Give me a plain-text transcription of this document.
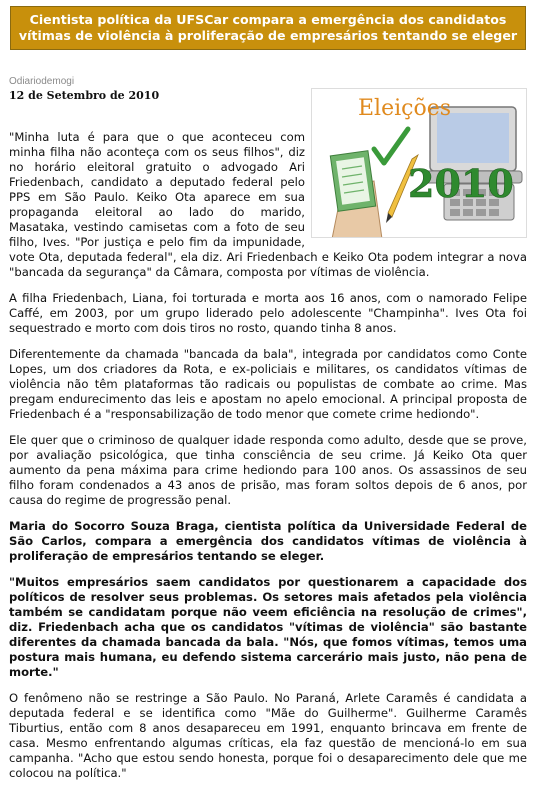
Cientista política da UFSCar compara a emergência dos candidatos vítimas de violência à proliferação de empresários tentando se eleger
Odiariodemogi
12 de Setembro de 2010
Eleições
2010

"Minha luta é para que o que aconteceu com minha filha não aconteça com os seus filhos", diz no horário eleitoral gratuito o advogado Ari Friedenbach, candidato a deputado federal pelo PPS em São Paulo. Keiko Ota aparece em sua propaganda eleitoral ao lado do marido, Masataka, vestindo camisetas com a foto de seu filho, Ives. "Por justiça e pelo fim da impunidade, vote Ota, deputada federal", ela diz. Ari Friedenbach e Keiko Ota podem integrar a nova "bancada da segurança" da Câmara, composta por vítimas de violência.

A filha Friedenbach, Liana, foi torturada e morta aos 16 anos, com o namorado Felipe Caffé, em 2003, por um grupo liderado pelo adolescente "Champinha". Ives Ota foi sequestrado e morto com dois tiros no rosto, quando tinha 8 anos.

Diferentemente da chamada "bancada da bala", integrada por candidatos como Conte Lopes, um dos criadores da Rota, e ex-policiais e militares, os candidatos vítimas de violência não têm plataformas tão radicais ou populistas de combate ao crime. Mas pregam endurecimento das leis e apostam no apelo emocional. A principal proposta de Friedenbach é a "responsabilização de todo menor que comete crime hediondo".

Ele quer que o criminoso de qualquer idade responda como adulto, desde que se prove, por avaliação psicológica, que tinha consciência de seu crime. Já Keiko Ota quer aumento da pena máxima para crime hediondo para 100 anos. Os assassinos de seu filho foram condenados a 43 anos de prisão, mas foram soltos depois de 6 anos, por causa do regime de progressão penal.

Maria do Socorro Souza Braga, cientista política da Universidade Federal de São Carlos, compara a emergência dos candidatos vítimas de violência à proliferação de empresários tentando se eleger.

"Muitos empresários saem candidatos por questionarem a capacidade dos políticos de resolver seus problemas. Os setores mais afetados pela violência também se candidatam porque não veem eficiência na resolução de crimes", diz. Friedenbach acha que os candidatos "vítimas de violência" são bastante diferentes da chamada bancada da bala. "Nós, que fomos vítimas, temos uma postura mais humana, eu defendo sistema carcerário mais justo, não pena de morte."

O fenômeno não se restringe a São Paulo. No Paraná, Arlete Caramês é candidata a deputada federal e se identifica como "Mãe do Guilherme". Guilherme Caramês Tiburtius, então com 8 anos desapareceu em 1991, enquanto brincava em frente de casa. Mesmo enfrentando algumas críticas, ela faz questão de mencioná-lo em sua campanha. "Acho que estou sendo honesta, porque foi o desaparecimento dele que me colocou na política."
